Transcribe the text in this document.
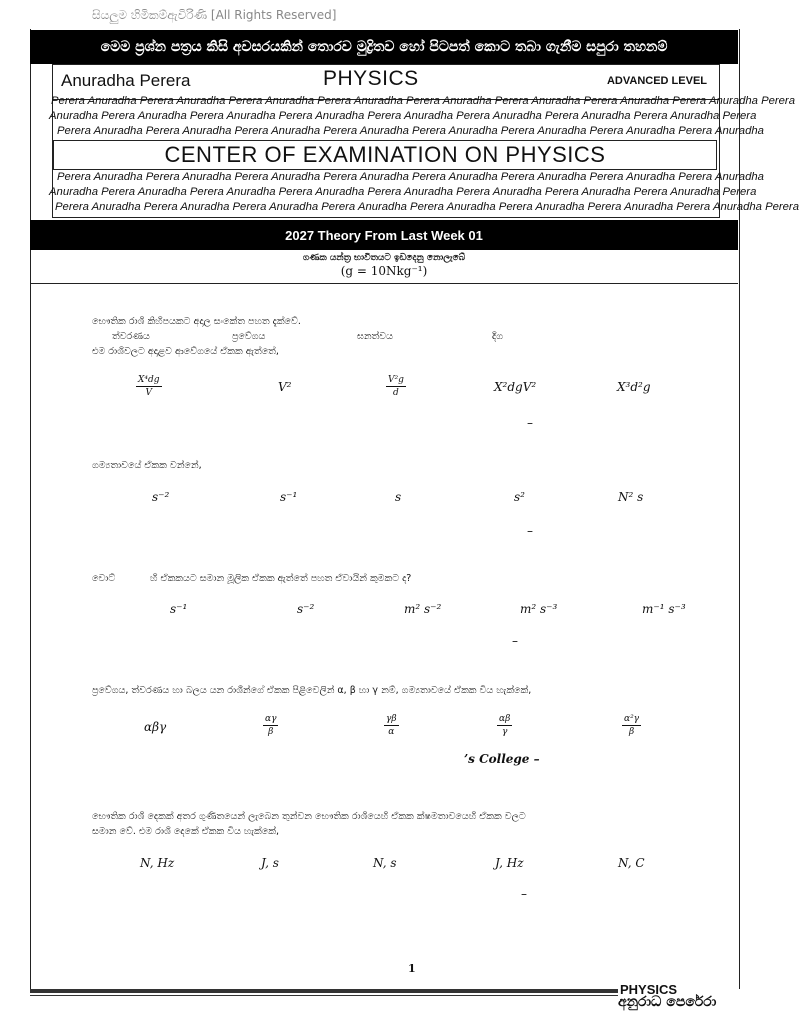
සියලුම හිමිකම්ඇවිරිණි [All Rights Reserved]
මෙම ප්‍රශ්න පත්‍රය කිසි අවසරයකින් තොරව මුද්‍රිතව හෝ පිටපත් කොට තබා ගැනීම සපුරා තහනම්
Anuradha Perera	PHYSICS	ADVANCED LEVEL
Perera Anuradha Perera Anuradha Perera Anuradha Perera Anuradha Perera Anuradha Perera Anuradha Perera Anuradha Perera Anuradha Perera
Anuradha Perera Anuradha Perera Anuradha Perera Anuradha Perera Anuradha Perera Anuradha Perera Anuradha Perera Anuradha Perera
Perera Anuradha Perera Anuradha Perera Anuradha Perera Anuradha Perera Anuradha Perera Anuradha Perera Anuradha Perera Anuradha
CENTER OF EXAMINATION ON PHYSICS
Perera Anuradha Perera Anuradha Perera Anuradha Perera Anuradha Perera Anuradha Perera Anuradha Perera Anuradha Perera Anuradha
Anuradha Perera Anuradha Perera Anuradha Perera Anuradha Perera Anuradha Perera Anuradha Perera Anuradha Perera Anuradha Perera
Perera Anuradha Perera Anuradha Perera Anuradha Perera Anuradha Perera Anuradha Perera Anuradha Perera Anuradha Perera Anuradha Perera
2027 Theory From Last Week 01
ගණක යන්ත්‍ර භාවිතයට ඉඩදෙනු නොලැබේ
(g = 10Nkg⁻¹)
භෞතික රාශි කිහිපයකට අදාල සංකේත පහත දැක්වේ.
ත්වරණය	ප්‍රවේගය	ඝනත්වය	දිග
එම රාශිවලට අදාළව ආවේගයේ ඒකක ඇත්තේ,
$\frac{\text{X⁴dg}}{V}$	V²	$\frac{\text{V²g}}{d}$	X²dgV²	X³d²g
–
ගම්‍යතාවයේ ඒකක වන්නේ,
s⁻²	s⁻¹	s	s²	N² s
–
වොට්	හි ඒකකයට සමාන මූලික ඒකක ඇත්තේ පහත ඒවායින් කුමකට ද?
s⁻¹	s⁻²	m² s⁻²	m² s⁻³	m⁻¹ s⁻³
–
ප්‍රවේගය, ත්වරණය හා බලය යන රාශීන්ගේ ඒකක පිළිවෙලින් α, β හා γ නම්, ගම්‍යතාවයේ ඒකක විය හැක්කේ,
αβγ	$\frac{\alpha\gamma}{\beta}$	$\frac{\gamma\beta}{\alpha}$	$\frac{\alpha\beta}{\gamma}$	$\frac{\text{α²γ}}{\beta}$
’s College –
භෞතික රාශි දෙකක් අතර ගුණිතයෙන් ලැබෙන තුන්වන භෞතික රාශියෙහි ඒකක ක්ෂමතාවයෙහි ඒකක වලට
සමාන වේ. එම රාශි දෙකේ ඒකක විය හැක්කේ,
N, Hz	J, s	N, s	J, Hz	N, C
–
1
PHYSICS
අනුරාධ පෙරේරා
